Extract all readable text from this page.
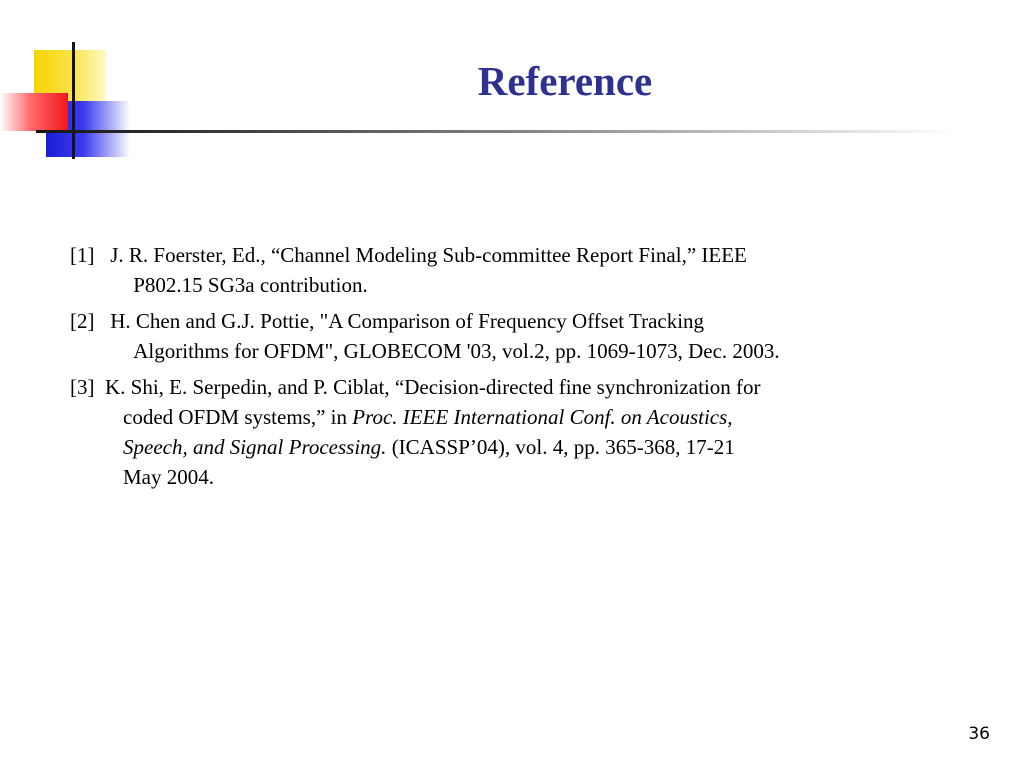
Reference
[1] J. R. Foerster, Ed., “Channel Modeling Sub-committee Report Final,” IEEE
P802.15 SG3a contribution.
[2] H. Chen and G.J. Pottie, "A Comparison of Frequency Offset Tracking
Algorithms for OFDM", GLOBECOM '03, vol.2, pp. 1069-1073, Dec. 2003.
[3] K. Shi, E. Serpedin, and P. Ciblat, “Decision-directed fine synchronization for
coded OFDM systems,” in Proc. IEEE International Conf. on Acoustics,
Speech, and Signal Processing. (ICASSP’04), vol. 4, pp. 365-368, 17-21
May 2004.
36
